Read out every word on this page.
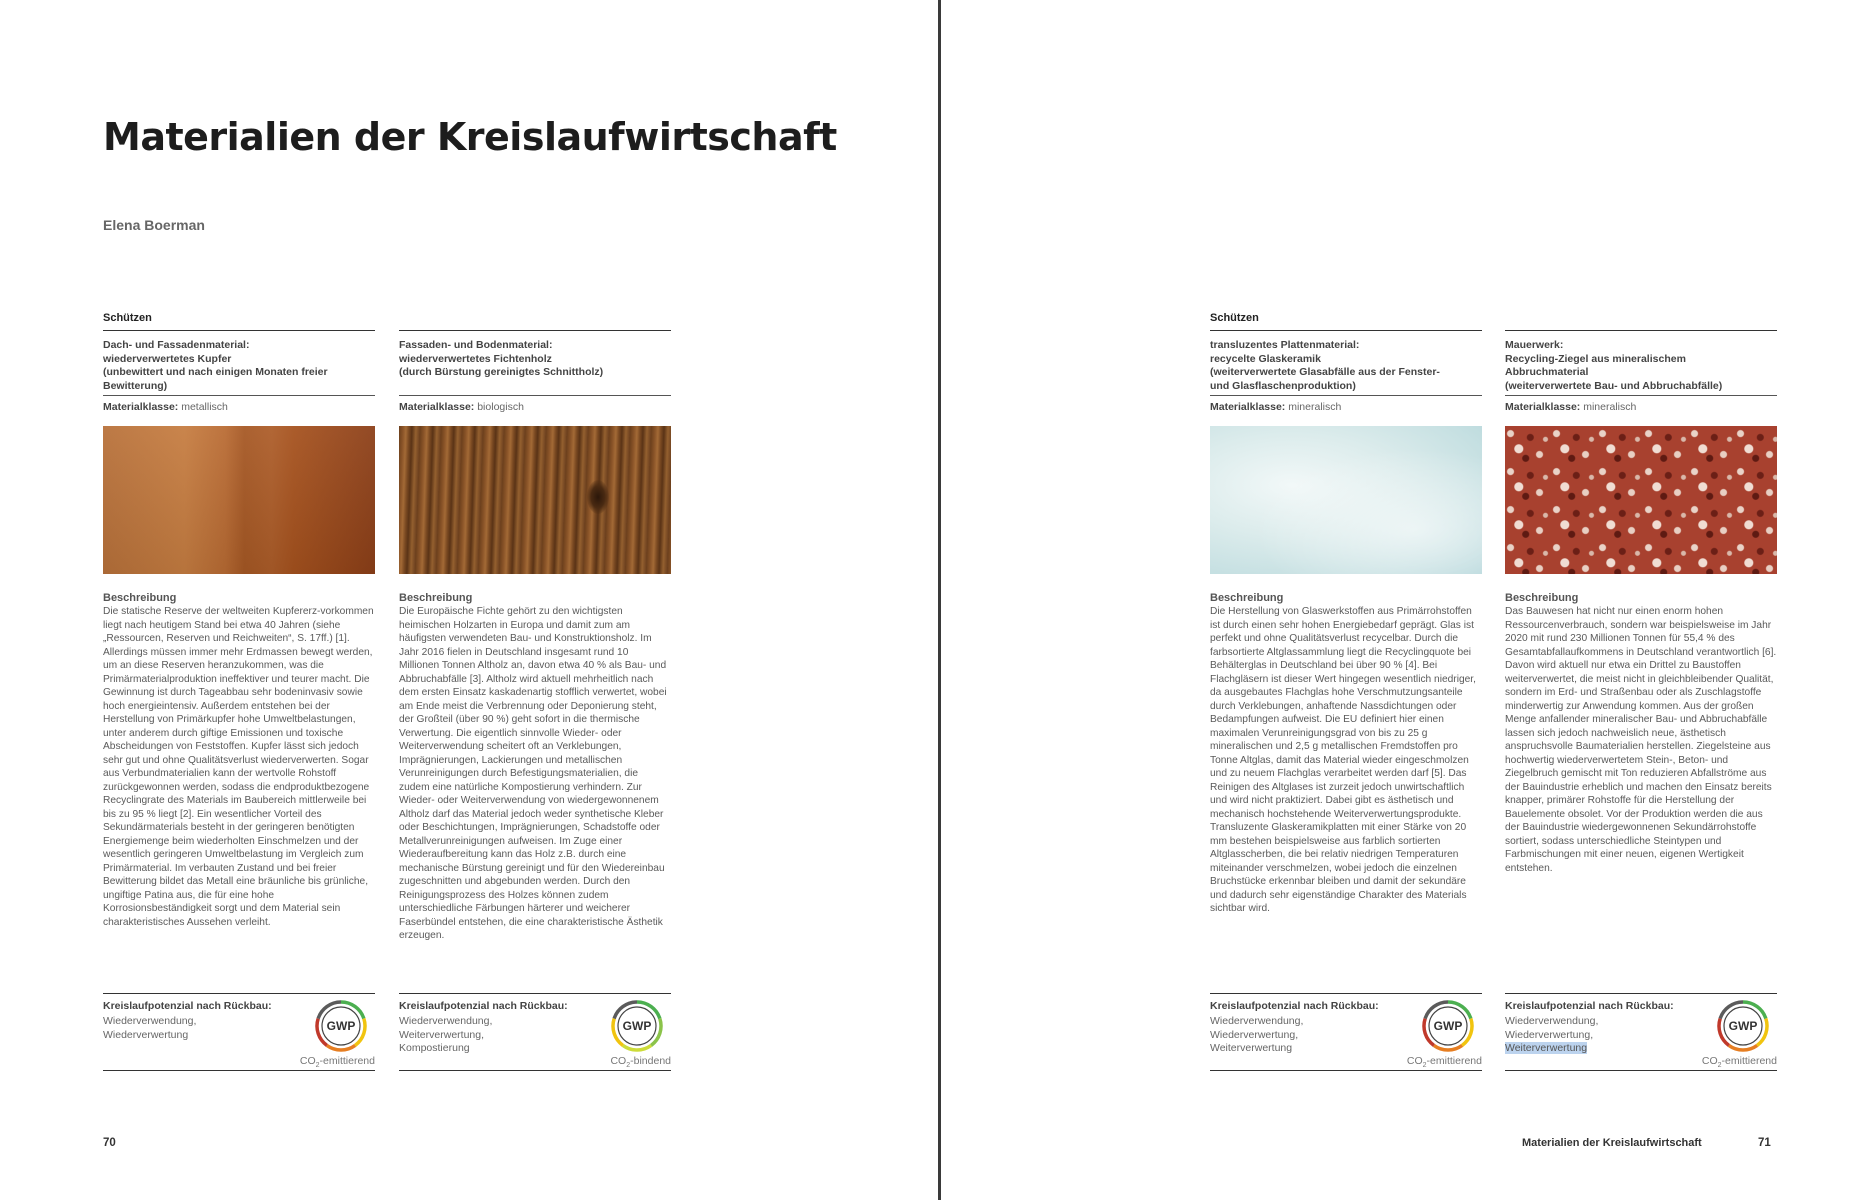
Materialien der Kreislaufwirtschaft
Elena Boerman
Schützen	Schützen
Dach- und Fassadenmaterial:
wiederverwertetes Kupfer
(unbewittert und nach einigen Monaten freier
Bewitterung)
Materialklasse: metallisch
Beschreibung
Die statische Reserve der weltweiten Kupfererz-vorkommen liegt nach heutigem Stand bei etwa 40 Jahren (siehe „Ressourcen, Reserven und Reichweiten“, S. 17ff.) [1]. Allerdings müssen immer mehr Erdmassen bewegt werden, um an diese Reserven heranzukommen, was die Primärmaterialproduktion ineffektiver und teurer macht. Die Gewinnung ist durch Tageabbau sehr bodeninvasiv sowie hoch energieintensiv. Außerdem entstehen bei der Herstellung von Primärkupfer hohe Umweltbelastungen, unter anderem durch giftige Emissionen und toxische Abscheidungen von Feststoffen. Kupfer lässt sich jedoch sehr gut und ohne Qualitätsverlust wiederverwerten. Sogar aus Verbundmaterialien kann der wertvolle Rohstoff zurückgewonnen werden, sodass die endproduktbezogene Recyclingrate des Materials im Baubereich mittlerweile bei bis zu 95 % liegt [2]. Ein wesentlicher Vorteil des Sekundärmaterials besteht in der geringeren benötigten Energiemenge beim wiederholten Einschmelzen und der wesentlich geringeren Umweltbelastung im Vergleich zum Primärmaterial. Im verbauten Zustand und bei freier Bewitterung bildet das Metall eine bräunliche bis grünliche, ungiftige Patina aus, die für eine hohe Korrosionsbeständigkeit sorgt und dem Material sein charakteristisches Aussehen verleiht.
Fassaden- und Bodenmaterial:
wiederverwertetes Fichtenholz
(durch Bürstung gereinigtes Schnittholz)
Materialklasse: biologisch
Beschreibung
Die Europäische Fichte gehört zu den wichtigsten heimischen Holzarten in Europa und damit zum am häufigsten verwendeten Bau- und Konstruktionsholz. Im Jahr 2016 fielen in Deutschland insgesamt rund 10 Millionen Tonnen Altholz an, davon etwa 40 % als Bau- und Abbruchabfälle [3]. Altholz wird aktuell mehrheitlich nach dem ersten Einsatz kaskadenartig stofflich verwertet, wobei am Ende meist die Verbrennung oder Deponierung steht, der Großteil (über 90 %) geht sofort in die thermische Verwertung. Die eigentlich sinnvolle Wieder- oder Weiterverwendung scheitert oft an Verklebungen, Imprägnierungen, Lackierungen und metallischen Verunreinigungen durch Befestigungsmaterialien, die zudem eine natürliche Kompostierung verhindern. Zur Wieder- oder Weiterverwendung von wiedergewonnenem Altholz darf das Material jedoch weder synthetische Kleber oder Beschichtungen, Imprägnierungen, Schadstoffe oder Metallverunreinigungen aufweisen. Im Zuge einer Wiederaufbereitung kann das Holz z.B. durch eine mechanische Bürstung gereinigt und für den Wiedereinbau zugeschnitten und abgebunden werden. Durch den Reinigungsprozess des Holzes können zudem unterschiedliche Färbungen härterer und weicherer Faserbündel entstehen, die eine charakteristische Ästhetik erzeugen.
transluzentes Plattenmaterial:
recycelte Glaskeramik
(weiterverwertete Glasabfälle aus der Fenster-
und Glasflaschenproduktion)
Materialklasse: mineralisch
Beschreibung
Die Herstellung von Glaswerkstoffen aus Primärrohstoffen ist durch einen sehr hohen Energiebedarf geprägt. Glas ist perfekt und ohne Qualitätsverlust recycelbar. Durch die farbsortierte Altglassammlung liegt die Recyclingquote bei Behälterglas in Deutschland bei über 90 % [4]. Bei Flachgläsern ist dieser Wert hingegen wesentlich niedriger, da ausgebautes Flachglas hohe Verschmutzungsanteile durch Verklebungen, anhaftende Nassdichtungen oder Bedampfungen aufweist. Die EU definiert hier einen maximalen Verunreinigungsgrad von bis zu 25 g mineralischen und 2,5 g metallischen Fremdstoffen pro Tonne Altglas, damit das Material wieder eingeschmolzen und zu neuem Flachglas verarbeitet werden darf [5]. Das Reinigen des Altglases ist zurzeit jedoch unwirtschaftlich und wird nicht praktiziert. Dabei gibt es ästhetisch und mechanisch hochstehende Weiterverwertungsprodukte. Transluzente Glaskeramikplatten mit einer Stärke von 20 mm bestehen beispielsweise aus farblich sortierten Altglasscherben, die bei relativ niedrigen Temperaturen miteinander verschmelzen, wobei jedoch die einzelnen Bruchstücke erkennbar bleiben und damit der sekundäre und dadurch sehr eigenständige Charakter des Materials sichtbar wird.
Mauerwerk:
Recycling-Ziegel aus mineralischem
Abbruchmaterial
(weiterverwertete Bau- und Abbruchabfälle)
Materialklasse: mineralisch
Beschreibung
Das Bauwesen hat nicht nur einen enorm hohen Ressourcenverbrauch, sondern war beispielsweise im Jahr 2020 mit rund 230 Millionen Tonnen für 55,4 % des Gesamtabfallaufkommens in Deutschland verantwortlich [6]. Davon wird aktuell nur etwa ein Drittel zu Baustoffen weiterverwertet, die meist nicht in gleichbleibender Qualität, sondern im Erd- und Straßenbau oder als Zuschlagstoffe minderwertig zur Anwendung kommen. Aus der großen Menge anfallender mineralischer Bau- und Abbruchabfälle lassen sich jedoch nachweislich neue, ästhetisch anspruchsvolle Baumaterialien herstellen. Ziegelsteine aus hochwertig wiederverwertetem Stein-, Beton- und Ziegelbruch gemischt mit Ton reduzieren Abfallströme aus der Bauindustrie erheblich und machen den Einsatz bereits knapper, primärer Rohstoffe für die Herstellung der Bauelemente obsolet. Vor der Produktion werden die aus der Bauindustrie wiedergewonnenen Sekundärrohstoffe sortiert, sodass unterschiedliche Steintypen und Farbmischungen mit einer neuen, eigenen Wertigkeit entstehen.
Kreislaufpotenzial nach Rückbau:
Wiederverwendung,
Wiederverwertung
GWP
$CO_2$-emittierend
Kreislaufpotenzial nach Rückbau:
Wiederverwendung,
Weiterverwertung,
Kompostierung
GWP
$CO_2$-bindend
Kreislaufpotenzial nach Rückbau:
Wiederverwendung,
Wiederverwertung,
Weiterverwertung
GWP
$CO_2$-emittierend
Kreislaufpotenzial nach Rückbau:
Wiederverwendung,
Wiederverwertung,
Weiterverwertung
GWP
$CO_2$-emittierend
70	Materialien der Kreislaufwirtschaft	71
